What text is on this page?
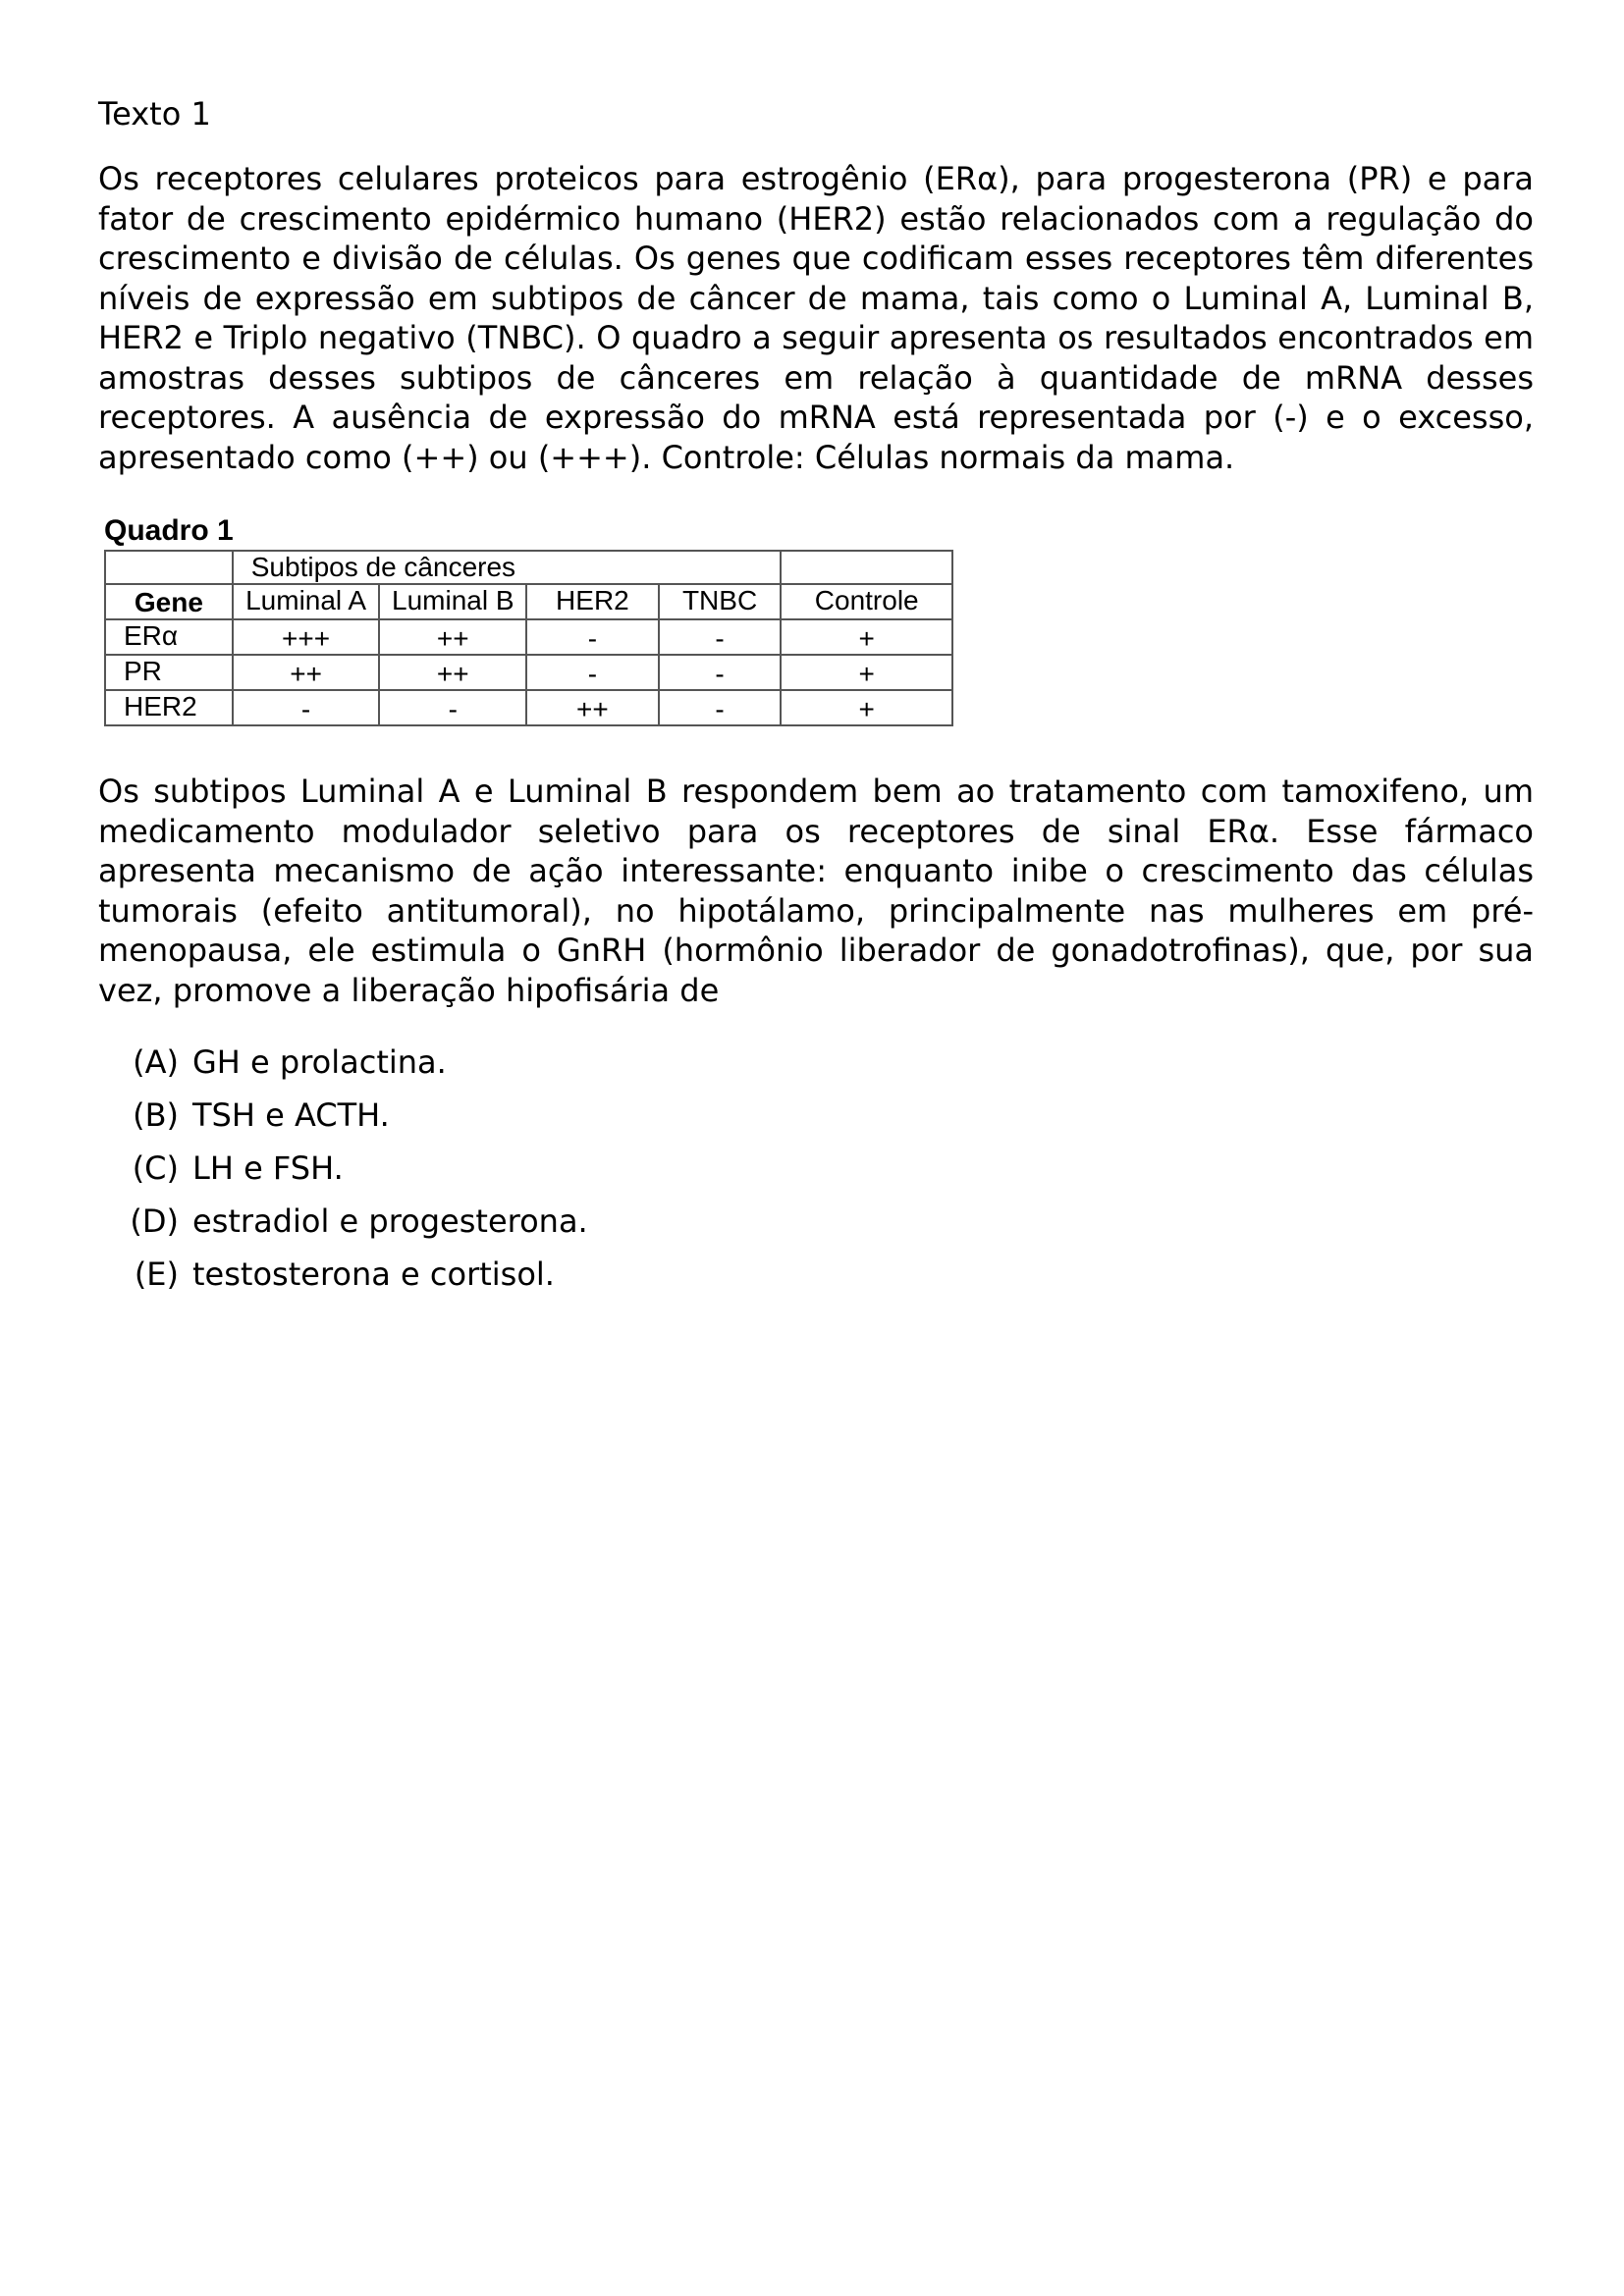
Texto 1

Os receptores celulares proteicos para estrogênio (ERα), para progesterona (PR) e para fator de crescimento epidérmico humano (HER2) estão relacionados com a regulação do crescimento e divisão de células. Os genes que codificam esses receptores têm diferentes níveis de expressão em subtipos de câncer de mama, tais como o Luminal A, Luminal B, HER2 e Triplo negativo (TNBC). O quadro a seguir apresenta os resultados encontrados em amostras desses subtipos de cânceres em relação à quantidade de mRNA desses receptores. A ausência de expressão do mRNA está representada por (-) e o excesso, apresentado como (++) ou (+++). Controle: Células normais da mama.

Quadro 1
	Subtipos de cânceres				
Gene	Luminal A	Luminal B	HER2	TNBC	Controle
ERα	+++	++	-	-	+
PR	++	++	-	-	+
HER2	-	-	++	-	+

Os subtipos Luminal A e Luminal B respondem bem ao tratamento com tamoxifeno, um medicamento modulador seletivo para os receptores de sinal ERα. Esse fármaco apresenta mecanismo de ação interessante: enquanto inibe o crescimento das células tumorais (efeito antitumoral), no hipotálamo, principalmente nas mulheres em prémenopausa, ele estimula o GnRH (hormônio liberador de gonadotrofinas), que, por sua vez, promove a liberação hipofisária de

(A) GH e prolactina.
(B) TSH e ACTH.
(C) LH e FSH.
(D) estradiol e progesterona.
(E) testosterona e cortisol.
